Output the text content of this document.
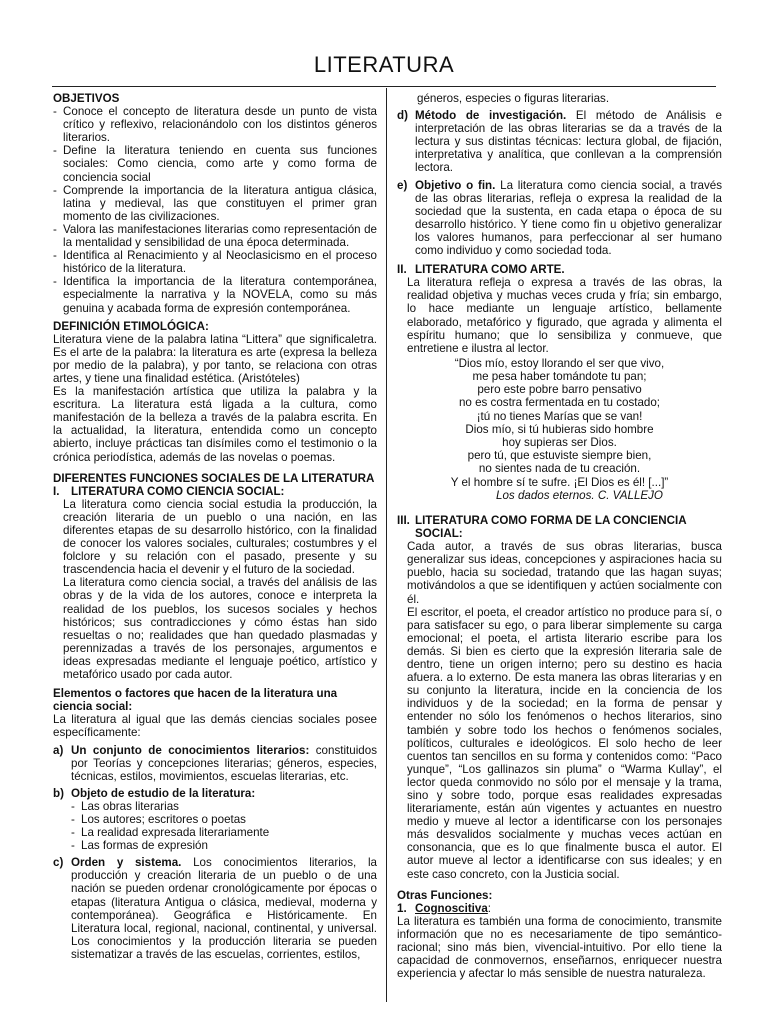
LITERATURA
OBJETIVOS
- Conoce el concepto de literatura desde un punto de vista crítico y reflexivo, relacionándolo con los distintos géneros literarios.
- Define la literatura teniendo en cuenta sus funciones sociales: Como ciencia, como arte y como forma de conciencia social
- Comprende la importancia de la literatura antigua clásica, latina y medieval, las que constituyen el primer gran momento de las civilizaciones.
- Valora las manifestaciones literarias como representación de la mentalidad y sensibilidad de una época determinada.
- Identifica al Renacimiento y al Neoclasicismo en el proceso histórico de la literatura.
- Identifica la importancia de la literatura contemporánea, especialmente la narrativa y la NOVELA, como su más genuina y acabada forma de expresión contemporánea.
DEFINICIÓN ETIMOLÓGICA:

Literatura viene de la palabra latina “Littera” que significaletra. Es el arte de la palabra: la literatura es arte (expresa la belleza por medio de la palabra), y por tanto, se relaciona con otras artes, y tiene una finalidad estética. (Aristóteles)

Es la manifestación artística que utiliza la palabra y la escritura. La literatura está ligada a la cultura, como manifestación de la belleza a través de la palabra escrita. En la actualidad, la literatura, entendida como un concepto abierto, incluye prácticas tan disímiles como el testimonio o la crónica periodística, además de las novelas o poemas.

DIFERENTES FUNCIONES SOCIALES DE LA LITERATURA
I. LITERATURA COMO CIENCIA SOCIAL:

La literatura como ciencia social estudia la producción, la creación literaria de un pueblo o una nación, en las diferentes etapas de su desarrollo histórico, con la finalidad de conocer los valores sociales, culturales; costumbres y el folclore y su relación con el pasado, presente y su trascendencia hacia el devenir y el futuro de la sociedad.

La literatura como ciencia social, a través del análisis de las obras y de la vida de los autores, conoce e interpreta la realidad de los pueblos, los sucesos sociales y hechos históricos; sus contradicciones y cómo éstas han sido resueltas o no; realidades que han quedado plasmadas y perennizadas a través de los personajes, argumentos e ideas expresadas mediante el lenguaje poético, artístico y metafórico usado por cada autor.

Elementos o factores que hacen de la literatura una ciencia social:

La literatura al igual que las demás ciencias sociales posee específicamente:

a) Un conjunto de conocimientos literarios: constituidos por Teorías y concepciones literarias; géneros, especies, técnicas, estilos, movimientos, escuelas literarias, etc.
b) Objeto de estudio de la literatura:
- Las obras literarias
- Los autores; escritores o poetas
- La realidad expresada literariamente
- Las formas de expresión
c) Orden y sistema. Los conocimientos literarios, la producción y creación literaria de un pueblo o de una nación se pueden ordenar cronológicamente por épocas o etapas (literatura Antigua o clásica, medieval, moderna y contemporánea). Geográfica e Históricamente. En Literatura local, regional, nacional, continental, y universal. Los conocimientos y la producción literaria se pueden sistematizar a través de las escuelas, corrientes, estilos,

géneros, especies o figuras literarias.

d) Método de investigación. El método de Análisis e interpretación de las obras literarias se da a través de la lectura y sus distintas técnicas: lectura global, de fijación, interpretativa y analítica, que conllevan a la comprensión lectora.
e) Objetivo o fin. La literatura como ciencia social, a través de las obras literarias, refleja o expresa la realidad de la sociedad que la sustenta, en cada etapa o época de su desarrollo histórico. Y tiene como fin u objetivo generalizar los valores humanos, para perfeccionar al ser humano como individuo y como sociedad toda.
II. LITERATURA COMO ARTE.

La literatura refleja o expresa a través de las obras, la realidad objetiva y muchas veces cruda y fría; sin embargo, lo hace mediante un lenguaje artístico, bellamente elaborado, metafórico y figurado, que agrada y alimenta el espíritu humano; que lo sensibiliza y conmueve, que entretiene e ilustra al lector.

“Dios mío, estoy llorando el ser que vivo,
me pesa haber tomándote tu pan;
pero este pobre barro pensativo
no es costra fermentada en tu costado;
¡tú no tienes Marías que se van!
Dios mío, si tú hubieras sido hombre
hoy supieras ser Dios.
pero tú, que estuviste siempre bien,
no sientes nada de tu creación.
Y el hombre sí te sufre. ¡El Dios es él! [...]”
Los dados eternos. C. VALLEJO
III. LITERATURA COMO FORMA DE LA CONCIENCIA SOCIAL:

Cada autor, a través de sus obras literarias, busca generalizar sus ideas, concepciones y aspiraciones hacia su pueblo, hacia su sociedad, tratando que las hagan suyas; motivándolos a que se identifiquen y actúen socialmente con él.

El escritor, el poeta, el creador artístico no produce para sí, o para satisfacer su ego, o para liberar simplemente su carga emocional; el poeta, el artista literario escribe para los demás. Si bien es cierto que la expresión literaria sale de dentro, tiene un origen interno; pero su destino es hacia afuera. a lo externo. De esta manera las obras literarias y en su conjunto la literatura, incide en la conciencia de los individuos y de la sociedad; en la forma de pensar y entender no sólo los fenómenos o hechos literarios, sino también y sobre todo los hechos o fenómenos sociales, políticos, culturales e ideológicos. El solo hecho de leer cuentos tan sencillos en su forma y contenidos como: “Paco yunque”, “Los gallinazos sin pluma” o “Warma Kullay”, el lector queda conmovido no sólo por el mensaje y la trama, sino y sobre todo, porque esas realidades expresadas literariamente, están aún vigentes y actuantes en nuestro medio y mueve al lector a identificarse con los personajes más desvalidos socialmente y muchas veces actúan en consonancia, que es lo que finalmente busca el autor. El autor mueve al lector a identificarse con sus ideales; y en este caso concreto, con la Justicia social.

Otras Funciones:
1. Cognoscitiva:

La literatura es también una forma de conocimiento, transmite información que no es necesariamente de tipo semántico-racional; sino más bien, vivencial-intuitivo. Por ello tiene la capacidad de conmovernos, enseñarnos, enriquecer nuestra experiencia y afectar lo más sensible de nuestra naturaleza.
